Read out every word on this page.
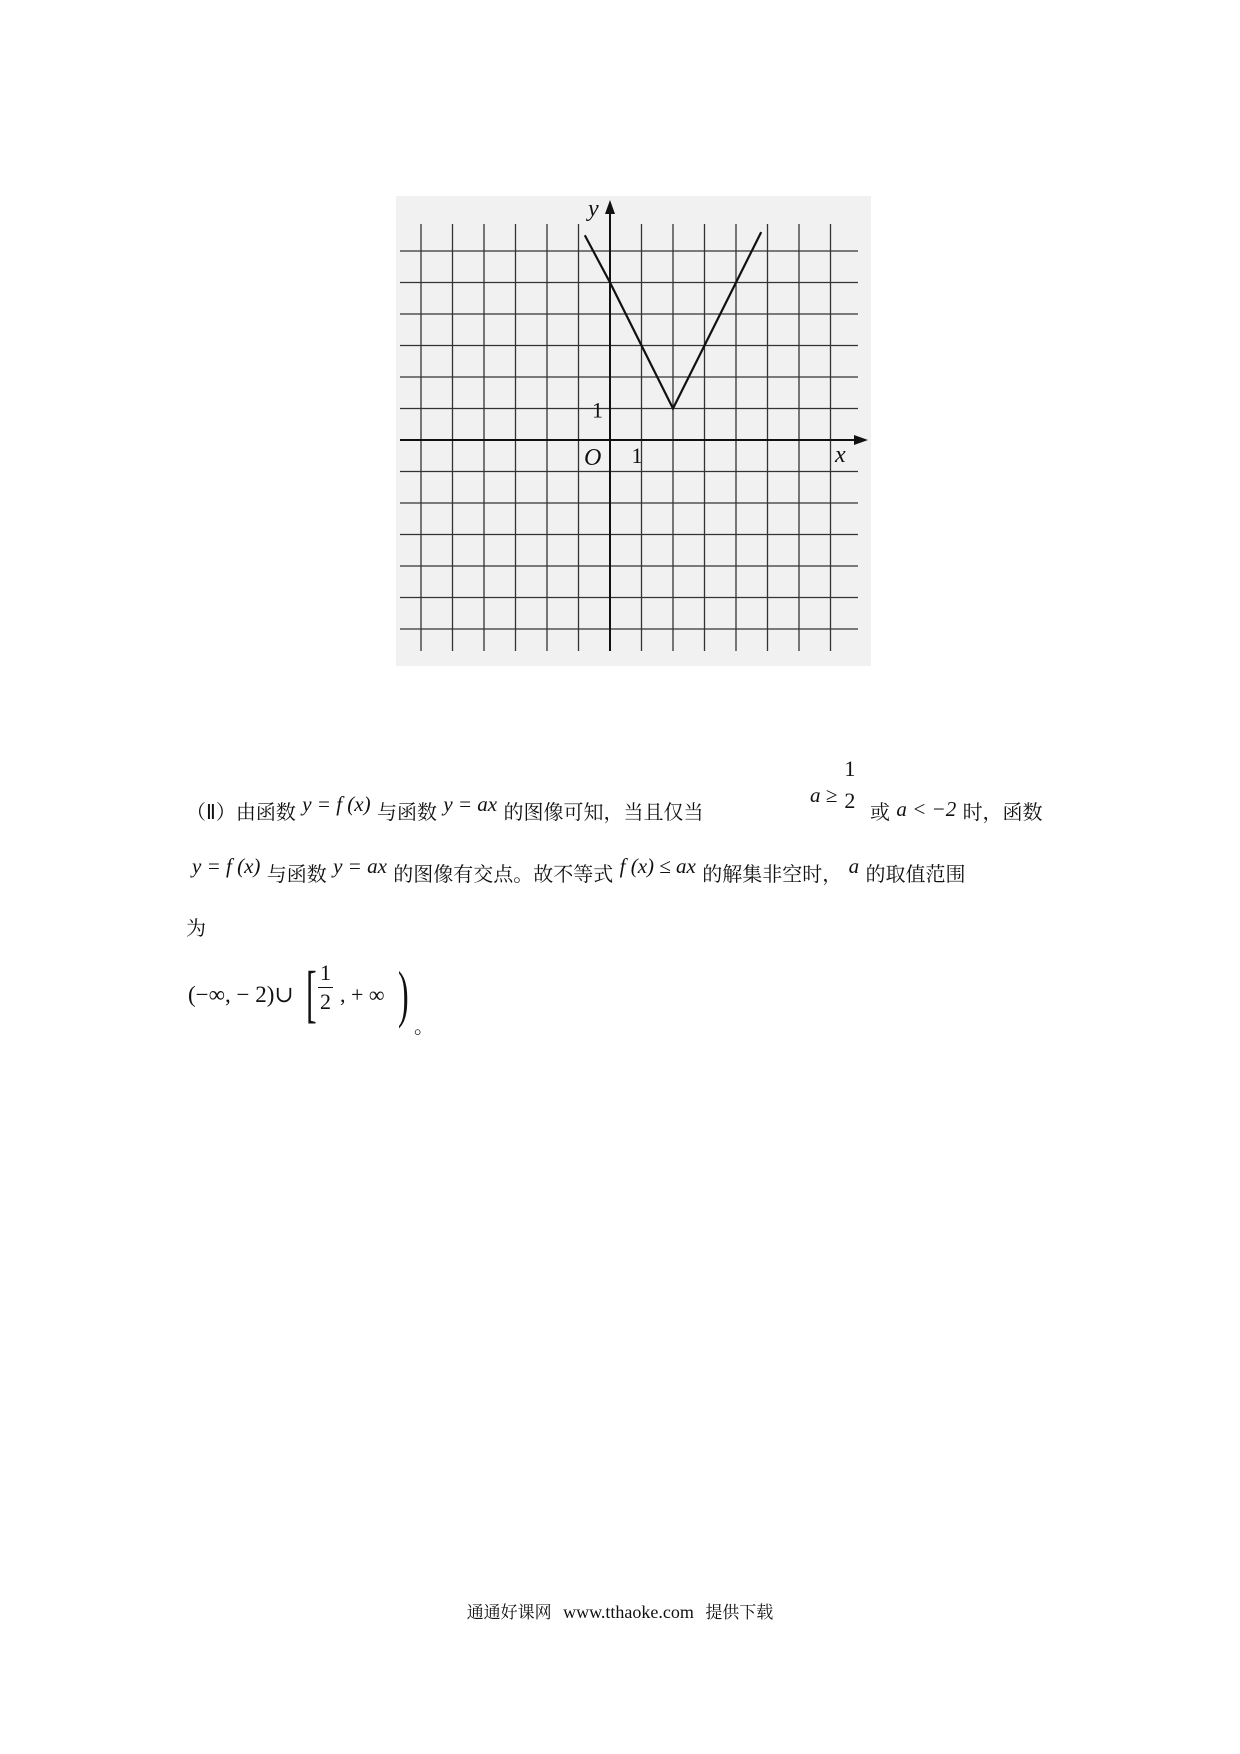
x
y
O 1
1
（Ⅱ）由函数 y = f (x) 与函数 y = ax 的图像可知，当且仅当
a ≥
1
2 或 a < −2 时，函数
y = f (x) 与函数 y = ax 的图像有交点。故不等式 f (x) ≤ ax 的解集非空时， a 的取值范围
为
(−∞, − 2)∪ [ 1
2 , + ∞ ) 。
通通好课网 www.tthaoke.com 提供下载
